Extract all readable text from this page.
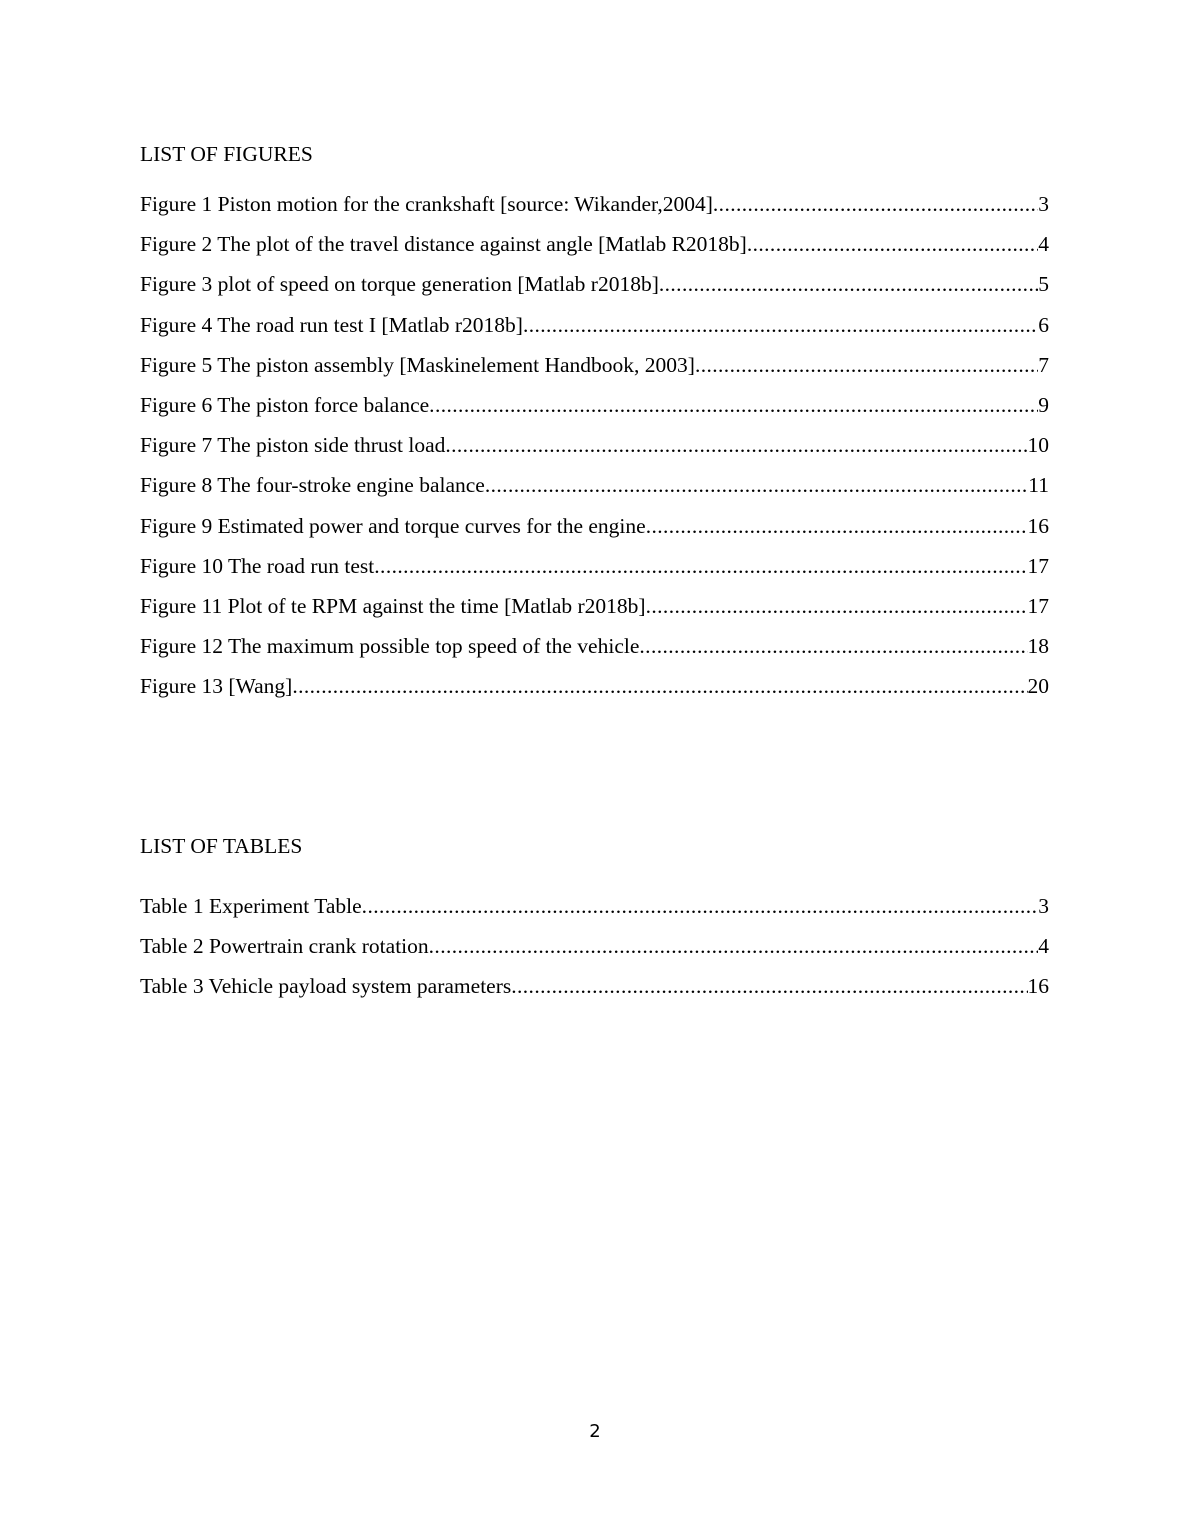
LIST OF FIGURES
Figure 1 Piston motion for the crankshaft [source: Wikander,2004] .....	3
Figure 2 The plot of the travel distance against angle [Matlab R2018b] .....	4
Figure 3 plot of speed on torque generation [Matlab r2018b] .....	5
Figure 4 The road run test I [Matlab r2018b] .....	6
Figure 5 The piston assembly [Maskinelement Handbook, 2003] .....	7
Figure 6 The piston force balance .....	9
Figure 7 The piston side thrust load .....	10
Figure 8 The four-stroke engine balance .....	11
Figure 9 Estimated power and torque curves for the engine .....	16
Figure 10 The road run test .....	17
Figure 11 Plot of te RPM against the time [Matlab r2018b] .....	17
Figure 12 The maximum possible top speed of the vehicle .....	18
Figure 13 [Wang] .....	20
LIST OF TABLES
Table 1 Experiment Table .....	3
Table 2 Powertrain crank rotation .....	4
Table 3 Vehicle payload system parameters .....	16
2
